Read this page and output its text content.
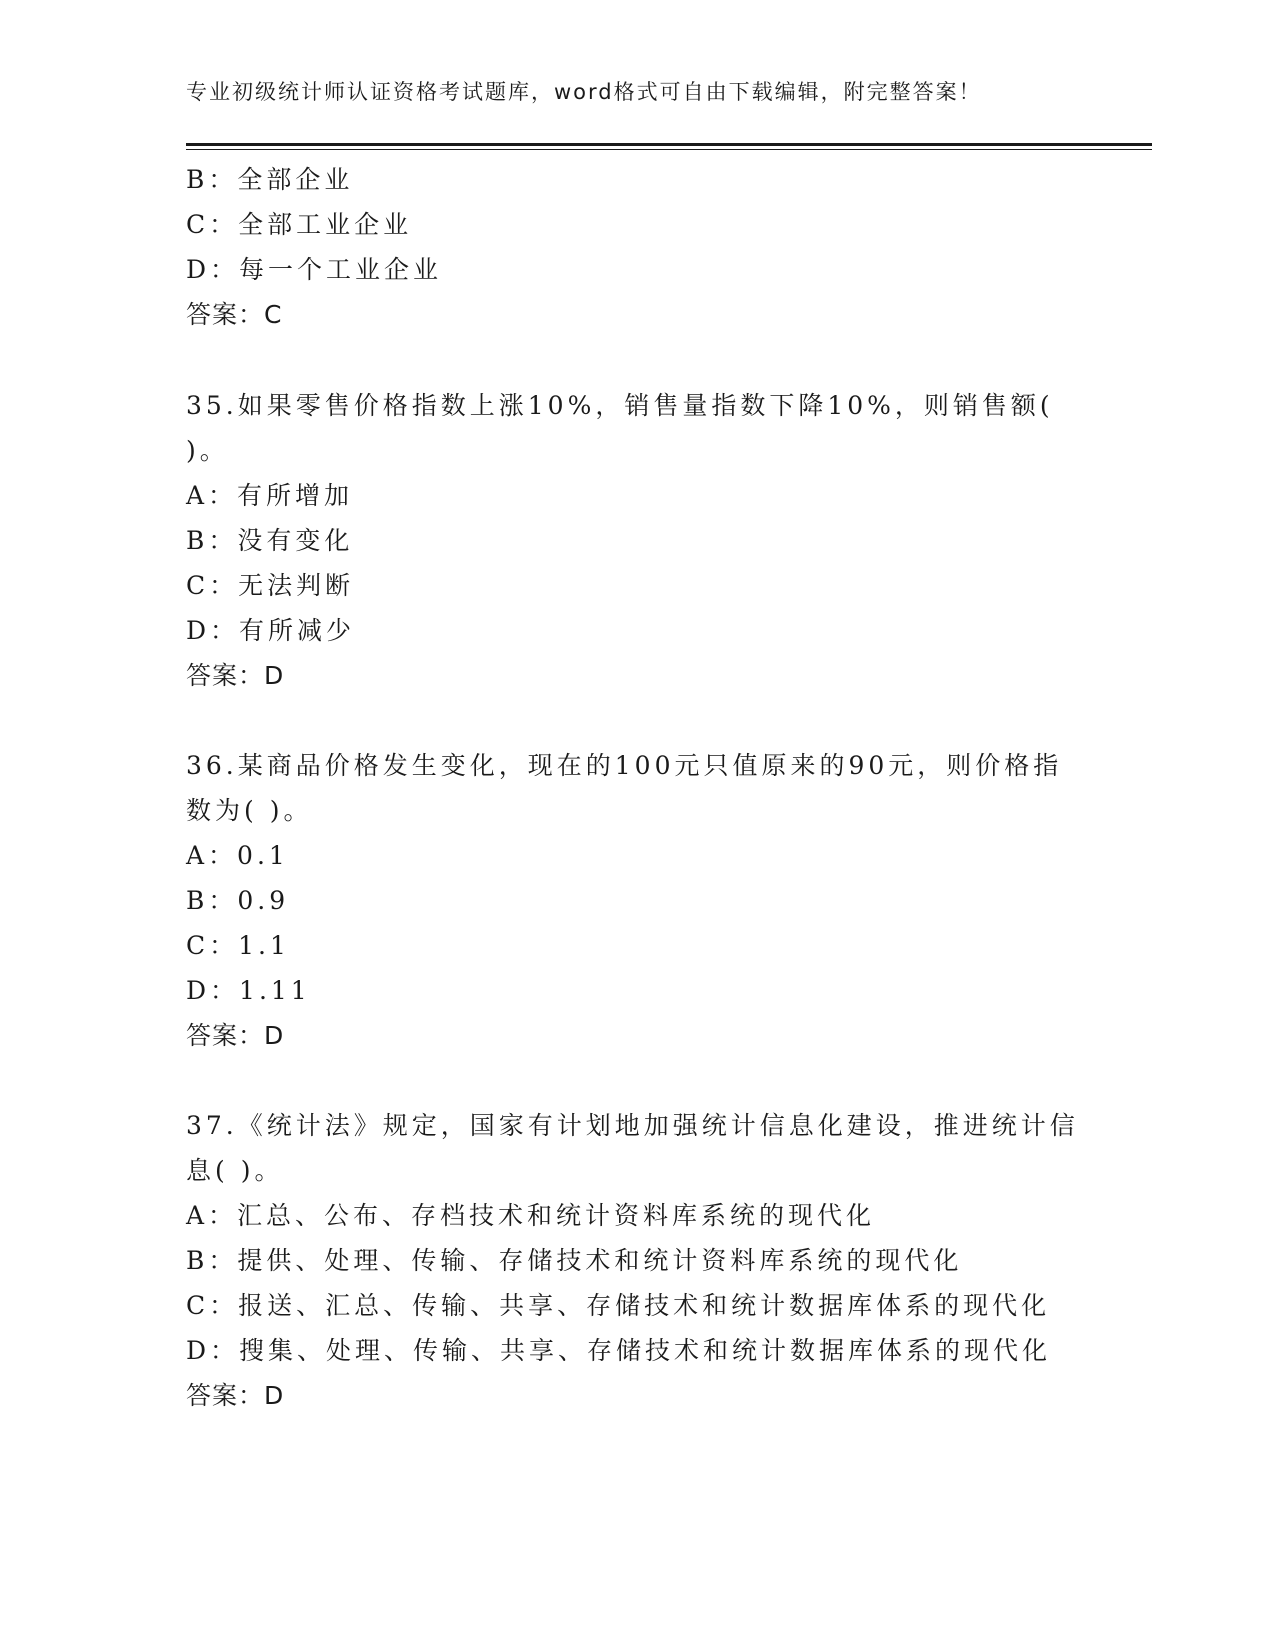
专业初级统计师认证资格考试题库，word格式可自由下载编辑，附完整答案！
B：全部企业
C：全部工业企业
D：每一个工业企业
答案：C
35.如果零售价格指数上涨10%，销售量指数下降10%，则销售额(
)。
A：有所增加
B：没有变化
C：无法判断
D：有所减少
答案：D
36.某商品价格发生变化，现在的100元只值原来的90元，则价格指
数为( )。
A：0.1
B：0.9
C：1.1
D：1.11
答案：D
37.《统计法》规定，国家有计划地加强统计信息化建设，推进统计信
息( )。
A：汇总、公布、存档技术和统计资料库系统的现代化
B：提供、处理、传输、存储技术和统计资料库系统的现代化
C：报送、汇总、传输、共享、存储技术和统计数据库体系的现代化
D：搜集、处理、传输、共享、存储技术和统计数据库体系的现代化
答案：D
